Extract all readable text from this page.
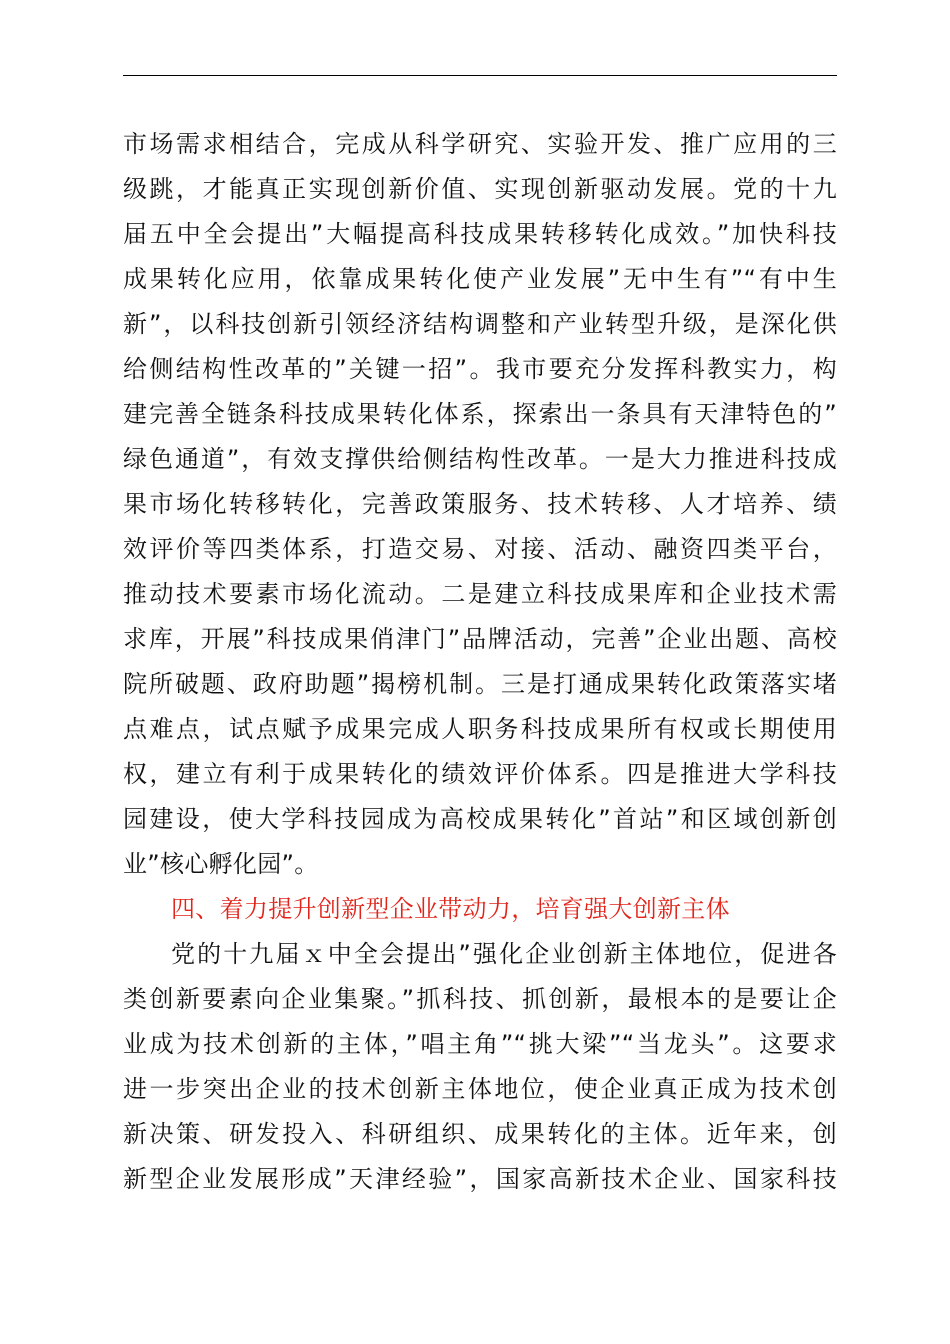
市场需求相结合，完成从科学研究、实验开发、推广应用的三
级跳，才能真正实现创新价值、实现创新驱动发展。党的十九
届五中全会提出”大幅提高科技成果转移转化成效。”加快科技
成果转化应用，依靠成果转化使产业发展”无中生有”“有中生
新”，以科技创新引领经济结构调整和产业转型升级，是深化供
给侧结构性改革的”关键一招”。我市要充分发挥科教实力，构
建完善全链条科技成果转化体系，探索出一条具有天津特色的”
绿色通道”，有效支撑供给侧结构性改革。一是大力推进科技成
果市场化转移转化，完善政策服务、技术转移、人才培养、绩
效评价等四类体系，打造交易、对接、活动、融资四类平台，
推动技术要素市场化流动。二是建立科技成果库和企业技术需
求库，开展”科技成果俏津门”品牌活动，完善”企业出题、高校
院所破题、政府助题”揭榜机制。三是打通成果转化政策落实堵
点难点，试点赋予成果完成人职务科技成果所有权或长期使用
权，建立有利于成果转化的绩效评价体系。四是推进大学科技
园建设，使大学科技园成为高校成果转化”首站”和区域创新创
业”核心孵化园”。
四、着力提升创新型企业带动力，培育强大创新主体
党的十九届ｘ中全会提出”强化企业创新主体地位，促进各
类创新要素向企业集聚。”抓科技、抓创新，最根本的是要让企
业成为技术创新的主体，”唱主角”“挑大梁”“当龙头”。这要求
进一步突出企业的技术创新主体地位，使企业真正成为技术创
新决策、研发投入、科研组织、成果转化的主体。近年来，创
新型企业发展形成”天津经验”，国家高新技术企业、国家科技
